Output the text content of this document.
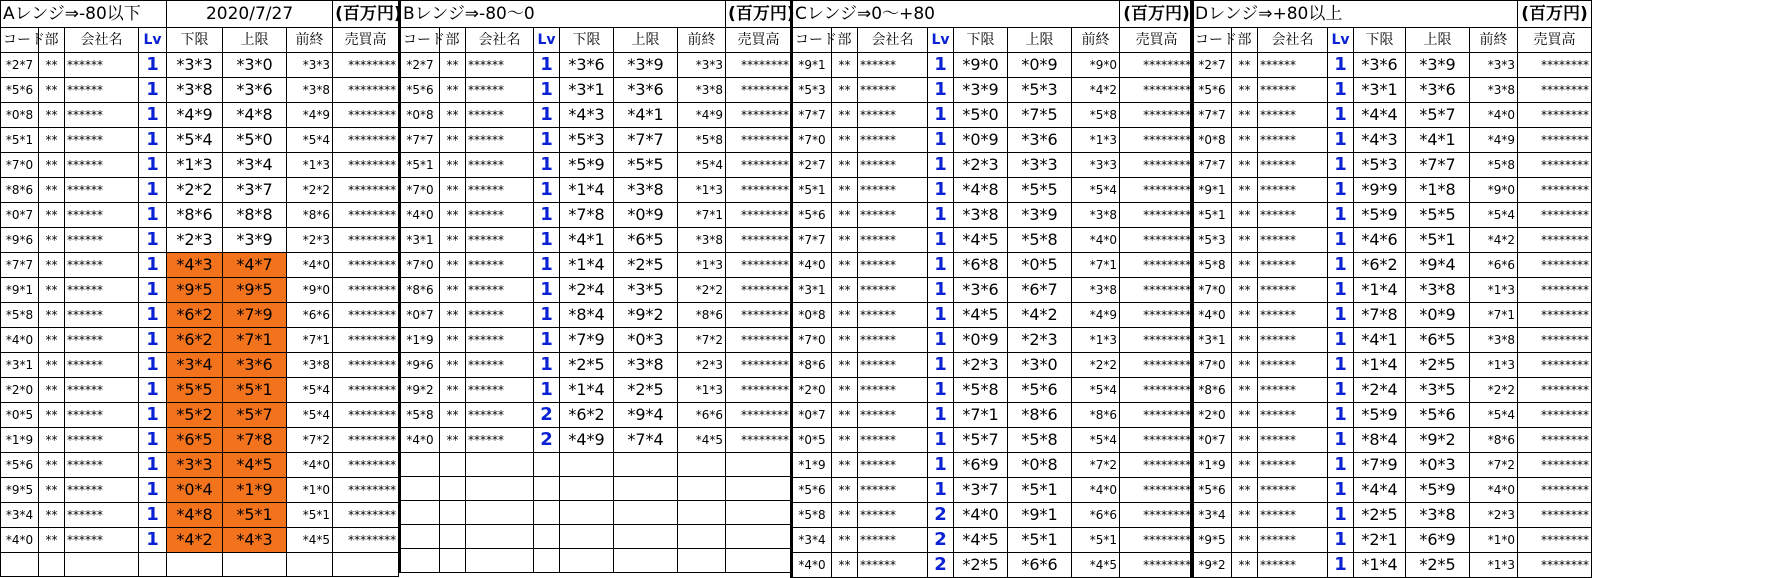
Aレンジ⇒-80以下				2020/7/27			(百万円)
コード	部	会社名	Lv	下限	上限	前終	売買高
*2*7	**	******	1	*3*3	*3*0	*3*3	********
*5*6	**	******	1	*3*8	*3*6	*3*8	********
*0*8	**	******	1	*4*9	*4*8	*4*9	********
*5*1	**	******	1	*5*4	*5*0	*5*4	********
*7*0	**	******	1	*1*3	*3*4	*1*3	********
*8*6	**	******	1	*2*2	*3*7	*2*2	********
*0*7	**	******	1	*8*6	*8*8	*8*6	********
*9*6	**	******	1	*2*3	*3*9	*2*3	********
*7*7	**	******	1	*4*3	*4*7	*4*0	********
*9*1	**	******	1	*9*5	*9*5	*9*0	********
*5*8	**	******	1	*6*2	*7*9	*6*6	********
*4*0	**	******	1	*6*2	*7*1	*7*1	********
*3*1	**	******	1	*3*4	*3*6	*3*8	********
*2*0	**	******	1	*5*5	*5*1	*5*4	********
*0*5	**	******	1	*5*2	*5*7	*5*4	********
*1*9	**	******	1	*6*5	*7*8	*7*2	********
*5*6	**	******	1	*3*3	*4*5	*4*0	********
*9*5	**	******	1	*0*4	*1*9	*1*0	********
*3*4	**	******	1	*4*8	*5*1	*5*1	********
*4*0	**	******	1	*4*2	*4*3	*4*5	********

Bレンジ⇒-80～0							(百万円)
コード	部	会社名	Lv	下限	上限	前終	売買高
*2*7	**	******	1	*3*6	*3*9	*3*3	********
*5*6	**	******	1	*3*1	*3*6	*3*8	********
*0*8	**	******	1	*4*3	*4*1	*4*9	********
*7*7	**	******	1	*5*3	*7*7	*5*8	********
*5*1	**	******	1	*5*9	*5*5	*5*4	********
*7*0	**	******	1	*1*4	*3*8	*1*3	********
*4*0	**	******	1	*7*8	*0*9	*7*1	********
*3*1	**	******	1	*4*1	*6*5	*3*8	********
*7*0	**	******	1	*1*4	*2*5	*1*3	********
*8*6	**	******	1	*2*4	*3*5	*2*2	********
*0*7	**	******	1	*8*4	*9*2	*8*6	********
*1*9	**	******	1	*7*9	*0*3	*7*2	********
*9*6	**	******	1	*2*5	*3*8	*2*3	********
*9*2	**	******	1	*1*4	*2*5	*1*3	********
*5*8	**	******	2	*6*2	*9*4	*6*6	********
*4*0	**	******	2	*4*9	*7*4	*4*5	********

Cレンジ⇒0～+80							(百万円)
コード	部	会社名	Lv	下限	上限	前終	売買高
*9*1	**	******	1	*9*0	*0*9	*9*0	********
*5*3	**	******	1	*3*9	*5*3	*4*2	********
*7*7	**	******	1	*5*0	*7*5	*5*8	********
*7*0	**	******	1	*0*9	*3*6	*1*3	********
*2*7	**	******	1	*2*3	*3*3	*3*3	********
*5*1	**	******	1	*4*8	*5*5	*5*4	********
*5*6	**	******	1	*3*8	*3*9	*3*8	********
*7*7	**	******	1	*4*5	*5*8	*4*0	********
*4*0	**	******	1	*6*8	*0*5	*7*1	********
*3*1	**	******	1	*3*6	*6*7	*3*8	********
*0*8	**	******	1	*4*5	*4*2	*4*9	********
*7*0	**	******	1	*0*9	*2*3	*1*3	********
*8*6	**	******	1	*2*3	*3*0	*2*2	********
*2*0	**	******	1	*5*8	*5*6	*5*4	********
*0*7	**	******	1	*7*1	*8*6	*8*6	********
*0*5	**	******	1	*5*7	*5*8	*5*4	********
*1*9	**	******	1	*6*9	*0*8	*7*2	********
*5*6	**	******	1	*3*7	*5*1	*4*0	********
*5*8	**	******	2	*4*0	*9*1	*6*6	********
*3*4	**	******	2	*4*5	*5*1	*5*1	********
*4*0	**	******	2	*2*5	*6*6	*4*5	********
Dレンジ⇒+80以上							(百万円)
コード	部	会社名	Lv	下限	上限	前終	売買高
*2*7	**	******	1	*3*6	*3*9	*3*3	********
*5*6	**	******	1	*3*1	*3*6	*3*8	********
*7*7	**	******	1	*4*4	*5*7	*4*0	********
*0*8	**	******	1	*4*3	*4*1	*4*9	********
*7*7	**	******	1	*5*3	*7*7	*5*8	********
*9*1	**	******	1	*9*9	*1*8	*9*0	********
*5*1	**	******	1	*5*9	*5*5	*5*4	********
*5*3	**	******	1	*4*6	*5*1	*4*2	********
*5*8	**	******	1	*6*2	*9*4	*6*6	********
*7*0	**	******	1	*1*4	*3*8	*1*3	********
*4*0	**	******	1	*7*8	*0*9	*7*1	********
*3*1	**	******	1	*4*1	*6*5	*3*8	********
*7*0	**	******	1	*1*4	*2*5	*1*3	********
*8*6	**	******	1	*2*4	*3*5	*2*2	********
*2*0	**	******	1	*5*9	*5*6	*5*4	********
*0*7	**	******	1	*8*4	*9*2	*8*6	********
*1*9	**	******	1	*7*9	*0*3	*7*2	********
*5*6	**	******	1	*4*4	*5*9	*4*0	********
*3*4	**	******	1	*2*5	*3*8	*2*3	********
*9*5	**	******	1	*2*1	*6*9	*1*0	********
*9*2	**	******	1	*1*4	*2*5	*1*3	********
